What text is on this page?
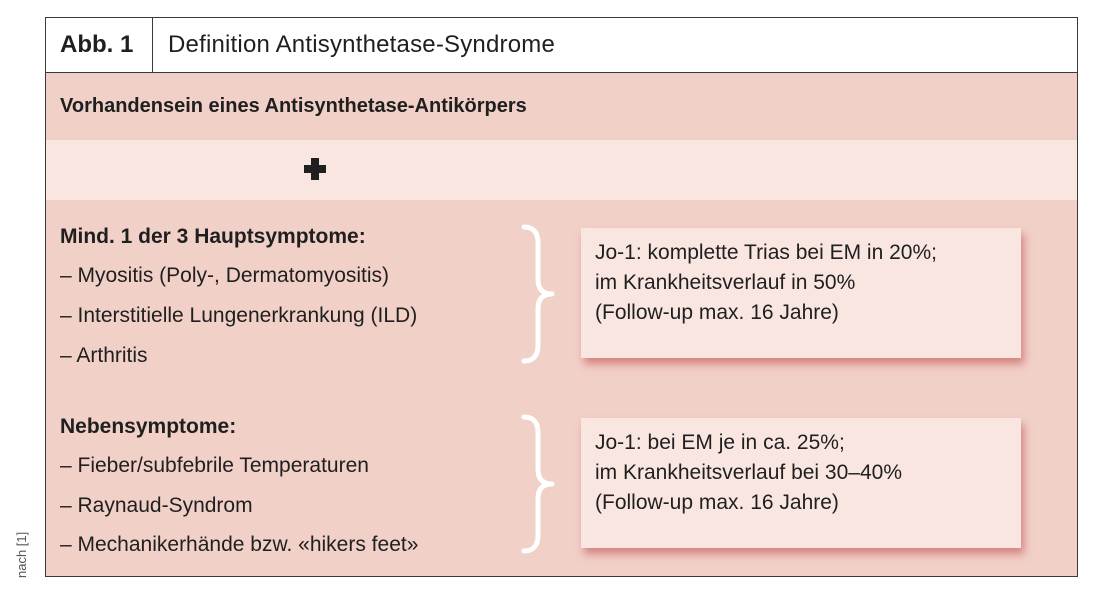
Abb. 1	Definition Antisynthetase-Syndrome
Vorhandensein eines Antisynthetase-Antikörpers
Mind. 1 der 3 Hauptsymptome:
– Myositis (Poly-, Dermatomyositis)
– Interstitielle Lungenerkrankung (ILD)
– Arthritis
Jo-1: komplette Trias bei EM in 20%;
im Krankheitsverlauf in 50%
(Follow-up max. 16 Jahre)
Nebensymptome:
– Fieber/subfebrile Temperaturen
– Raynaud-Syndrom
– Mechanikerhände bzw. «hikers feet»
Jo-1: bei EM je in ca. 25%;
im Krankheitsverlauf bei 30–40%
(Follow-up max. 16 Jahre)
nach [1]
